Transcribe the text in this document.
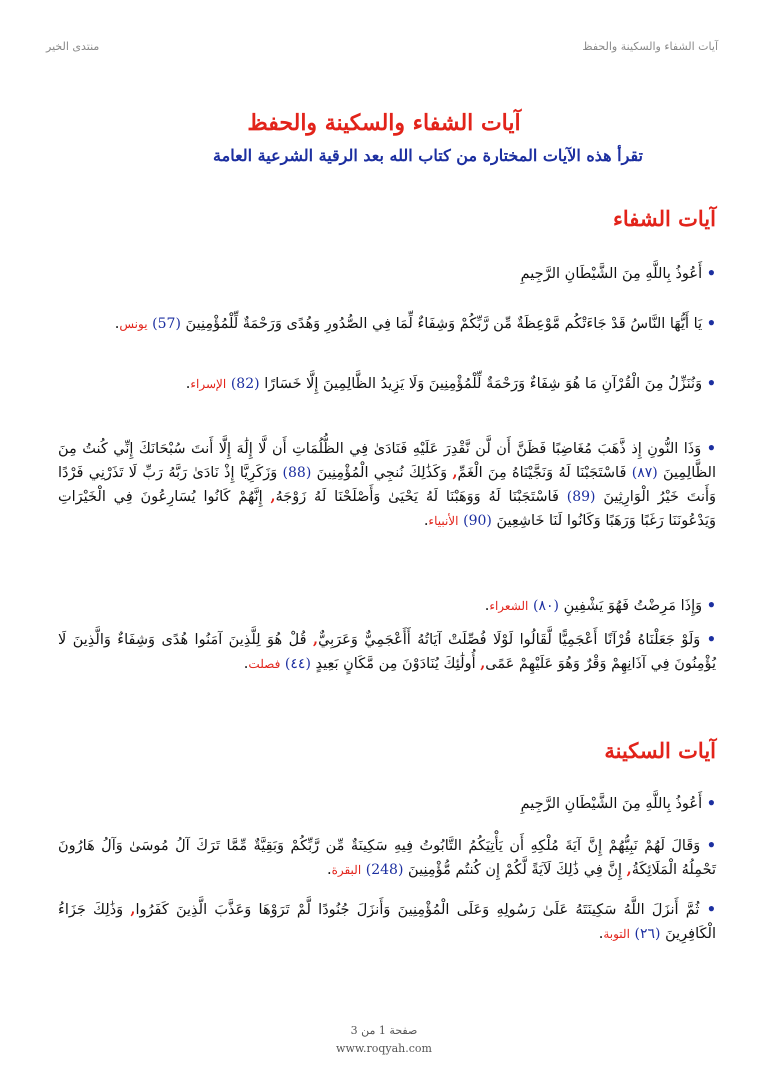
آيات الشفاء والسكينة والحفظ
منتدى الخير
آيات الشفاء والسكينة والحفظ
تقرأ هذه الآيات المختارة من كتاب الله بعد الرقية الشرعية العامة
آيات الشفاء
• أَعُوذُ بِاللَّهِ مِنَ الشَّيْطَانِ الرَّجِيمِ
• يَا أَيُّهَا النَّاسُ قَدْ جَاءَتْكُم مَّوْعِظَةٌ مِّن رَّبِّكُمْ وَشِفَاءٌ لِّمَا فِي الصُّدُورِ وَهُدًى وَرَحْمَةٌ لِّلْمُؤْمِنِينَ (57) يونس.
• وَنُنَزِّلُ مِنَ الْقُرْآنِ مَا هُوَ شِفَاءٌ وَرَحْمَةٌ لِّلْمُؤْمِنِينَ وَلَا يَزِيدُ الظَّالِمِينَ إِلَّا خَسَارًا (82) الإسراء.
• وَذَا النُّونِ إِذ ذَّهَبَ مُغَاضِبًا فَظَنَّ أَن لَّن نَّقْدِرَ عَلَيْهِ فَنَادَىٰ فِي الظُّلُمَاتِ أَن لَّا إِلَٰهَ إِلَّا أَنتَ سُبْحَانَكَ إِنِّي كُنتُ مِنَ الظَّالِمِينَ (٨٧) فَاسْتَجَبْنَا لَهُ وَنَجَّيْنَاهُ مِنَ الْغَمِّ, وَكَذَٰلِكَ نُنجِي الْمُؤْمِنِينَ (88) وَزَكَرِيَّا إِذْ نَادَىٰ رَبَّهُ رَبِّ لَا تَذَرْنِي فَرْدًا وَأَنتَ خَيْرُ الْوَارِثِينَ (89) فَاسْتَجَبْنَا لَهُ وَوَهَبْنَا لَهُ يَحْيَىٰ وَأَصْلَحْنَا لَهُ زَوْجَهُ, إِنَّهُمْ كَانُوا يُسَارِعُونَ فِي الْخَيْرَاتِ وَيَدْعُونَنَا رَغَبًا وَرَهَبًا وَكَانُوا لَنَا خَاشِعِينَ (90) الأنبياء.
• وَإِذَا مَرِضْتُ فَهُوَ يَشْفِينِ (٨٠) الشعراء.
• وَلَوْ جَعَلْنَاهُ قُرْآنًا أَعْجَمِيًّا لَّقَالُوا لَوْلَا فُصِّلَتْ آيَاتُهُ أَأَعْجَمِيٌّ وَعَرَبِيٌّ, قُلْ هُوَ لِلَّذِينَ آمَنُوا هُدًى وَشِفَاءٌ وَالَّذِينَ لَا يُؤْمِنُونَ فِي آذَانِهِمْ وَقْرٌ وَهُوَ عَلَيْهِمْ عَمًى, أُولَٰئِكَ يُنَادَوْنَ مِن مَّكَانٍ بَعِيدٍ (٤٤) فصلت.
آيات السكينة
• أَعُوذُ بِاللَّهِ مِنَ الشَّيْطَانِ الرَّجِيمِ
• وَقَالَ لَهُمْ نَبِيُّهُمْ إِنَّ آيَةَ مُلْكِهِ أَن يَأْتِيَكُمُ التَّابُوتُ فِيهِ سَكِينَةٌ مِّن رَّبِّكُمْ وَبَقِيَّةٌ مِّمَّا تَرَكَ آلُ مُوسَىٰ وَآلُ هَارُونَ تَحْمِلُهُ الْمَلَائِكَةُ, إِنَّ فِي ذَٰلِكَ لَآيَةً لَّكُمْ إِن كُنتُم مُّؤْمِنِينَ (248) البقرة.
• ثُمَّ أَنزَلَ اللَّهُ سَكِينَتَهُ عَلَىٰ رَسُولِهِ وَعَلَى الْمُؤْمِنِينَ وَأَنزَلَ جُنُودًا لَّمْ تَرَوْهَا وَعَذَّبَ الَّذِينَ كَفَرُوا, وَذَٰلِكَ جَزَاءُ الْكَافِرِينَ (٢٦) التوبة.
صفحة 1 من 3
www.roqyah.com
